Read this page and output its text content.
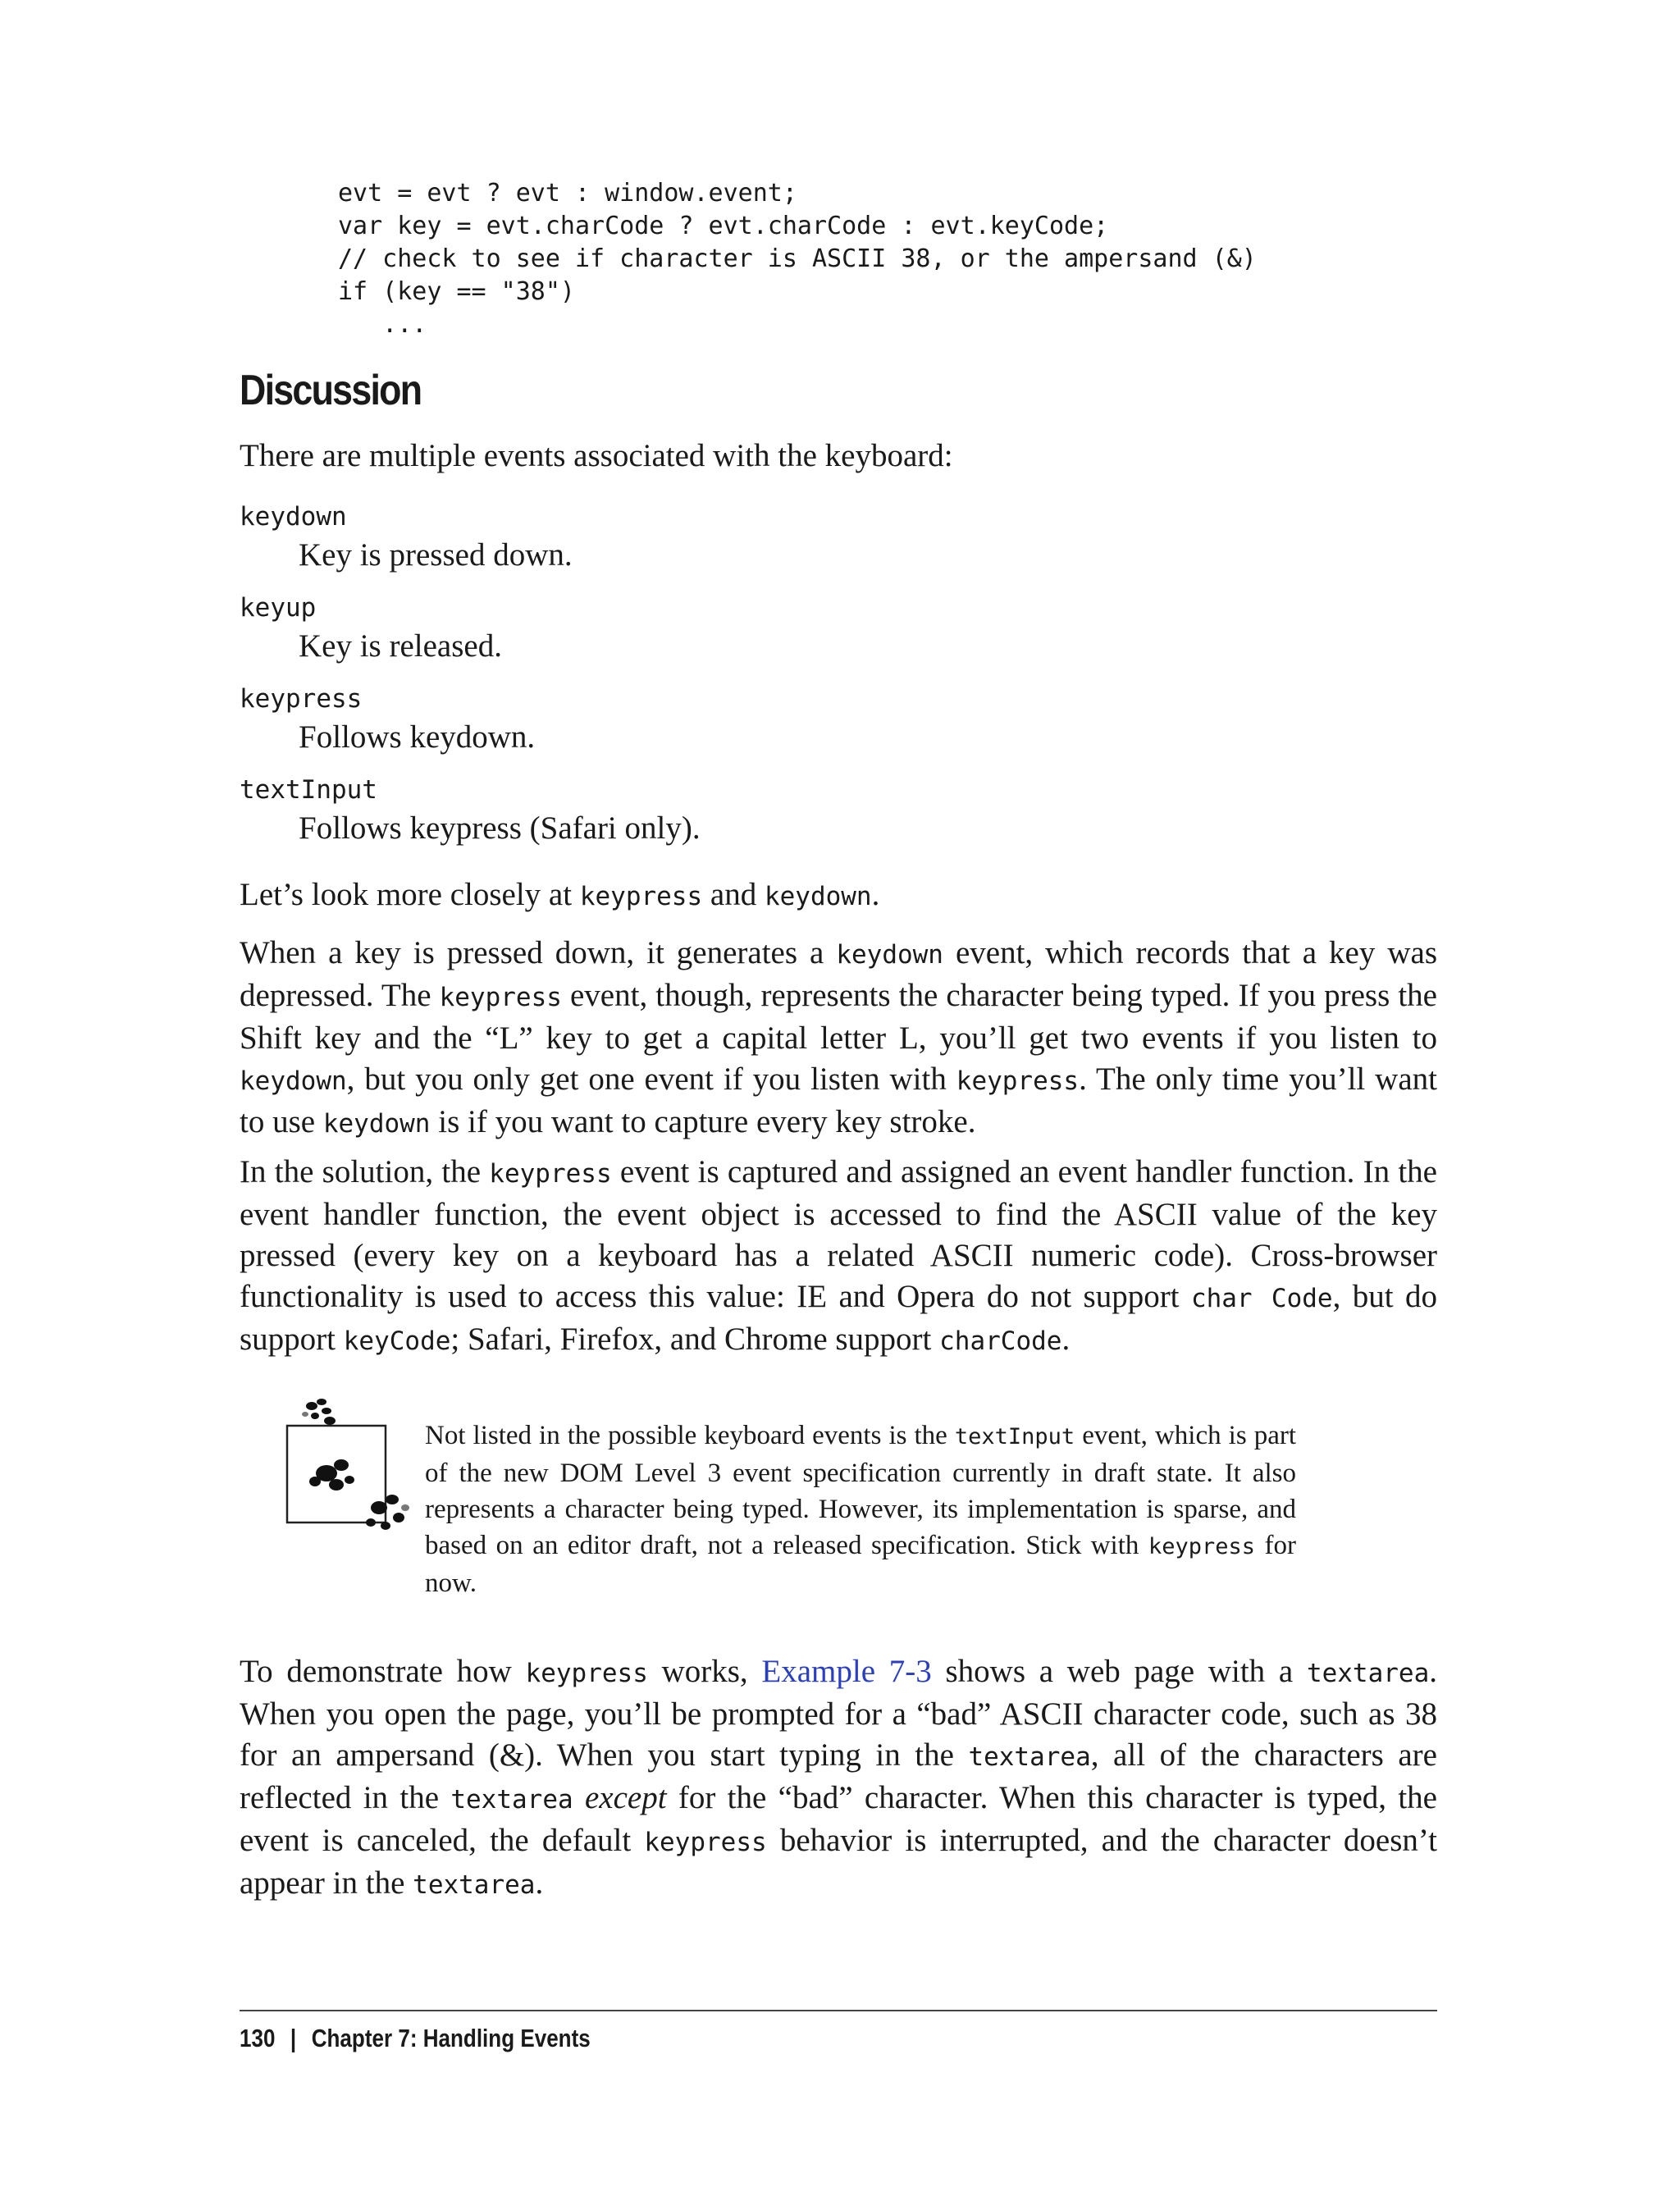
evt = evt ? evt : window.event;
var key = evt.charCode ? evt.charCode : evt.keyCode;
// check to see if character is ASCII 38, or the ampersand (&)
if (key == "38")
...
Discussion

There are multiple events associated with the keyboard:

keydown
Key is pressed down.
keyup
Key is released.
keypress
Follows keydown.
textInput
Follows keypress (Safari only).

Let’s look more closely at keypress and keydown.

When a key is pressed down, it generates a keydown event, which records that a key was depressed. The keypress event, though, represents the character being typed. If you press the Shift key and the “L” key to get a capital letter L, you’ll get two events if you listen to keydown, but you only get one event if you listen with keypress. The only time you’ll want to use keydown is if you want to capture every key stroke.

In the solution, the keypress event is captured and assigned an event handler function. In the event handler function, the event object is accessed to find the ASCII value of the key pressed (every key on a keyboard has a related ASCII numeric code). Cross-browser functionality is used to access this value: IE and Opera do not support char Code, but do support keyCode; Safari, Firefox, and Chrome support charCode.

Not listed in the possible keyboard events is the textInput event, which is part of the new DOM Level 3 event specification currently in draft state. It also represents a character being typed. However, its implementation is sparse, and based on an editor draft, not a released specification. Stick with keypress for now.

To demonstrate how keypress works, Example 7-3 shows a web page with a textarea. When you open the page, you’ll be prompted for a “bad” ASCII character code, such as 38 for an ampersand (&). When you start typing in the textarea, all of the characters are reflected in the textarea except for the “bad” character. When this character is typed, the event is canceled, the default keypress behavior is interrupted, and the character doesn’t appear in the textarea.

130 | Chapter 7: Handling Events
